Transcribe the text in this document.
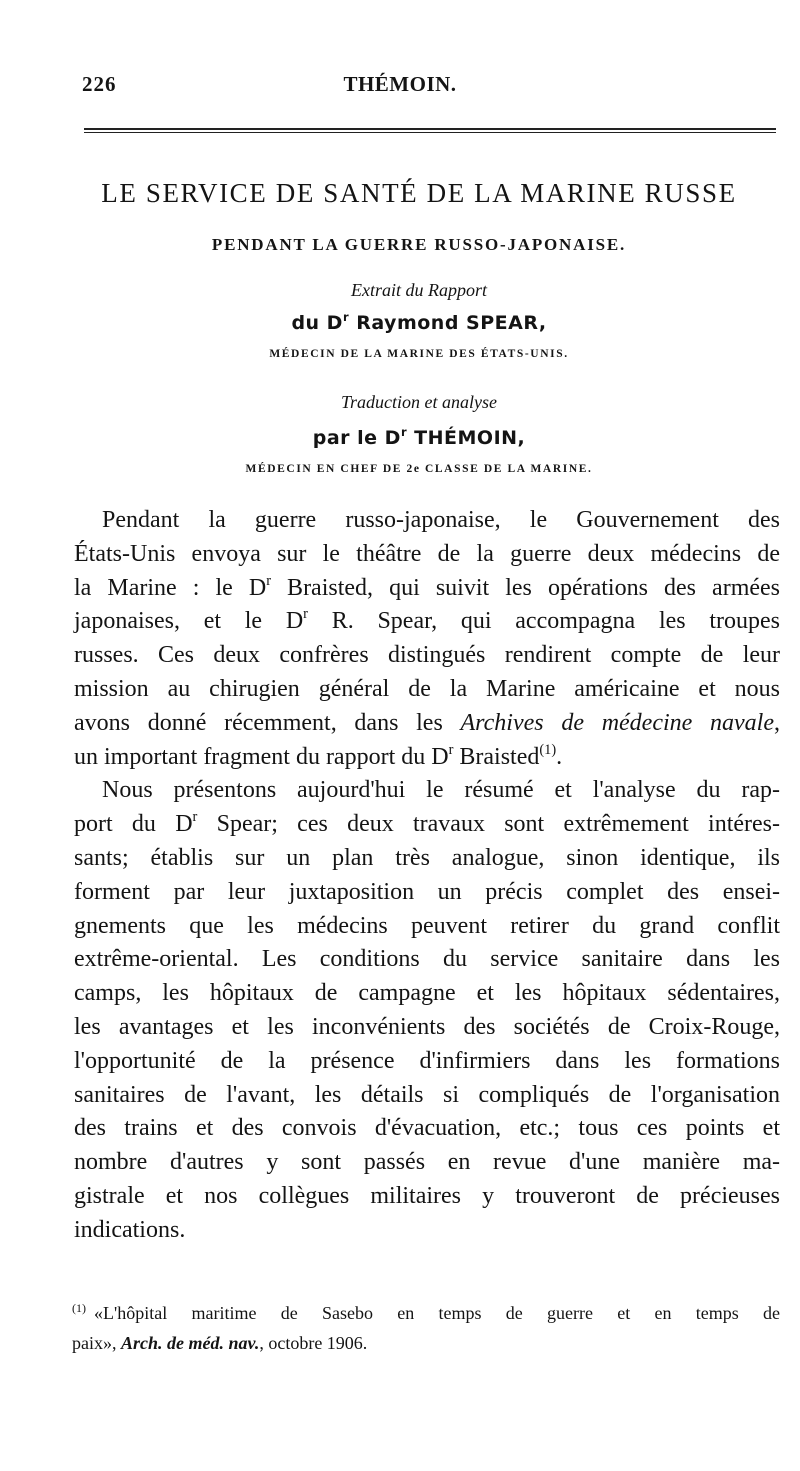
226	THÉMOIN.
LE SERVICE DE SANTÉ DE LA MARINE RUSSE
PENDANT LA GUERRE RUSSO-JAPONAISE.
Extrait du Rapport
du $D^r$ Raymond SPEAR,
MÉDECIN DE LA MARINE DES ÉTATS-UNIS.
Traduction et analyse
par le $D^r$ THÉMOIN,
MÉDECIN EN CHEF DE 2e CLASSE DE LA MARINE.
Pendant la guerre russo-japonaise, le Gouvernement des
États-Unis envoya sur le théâtre de la guerre deux médecins de
la Marine : le $D^r$ Braisted, qui suivit les opérations des armées
japonaises, et le $D^r$ R. Spear, qui accompagna les troupes
russes. Ces deux confrères distingués rendirent compte de leur
mission au chirugien général de la Marine américaine et nous
avons donné récemment, dans les Archives de médecine navale,
un important fragment du rapport du $D^r$ Braisted$^{(1)}$.
Nous présentons aujourd'hui le résumé et l'analyse du rap-
port du $D^r$ Spear; ces deux travaux sont extrêmement intéres-
sants; établis sur un plan très analogue, sinon identique, ils
forment par leur juxtaposition un précis complet des ensei-
gnements que les médecins peuvent retirer du grand conflit
extrême-oriental. Les conditions du service sanitaire dans les
camps, les hôpitaux de campagne et les hôpitaux sédentaires,
les avantages et les inconvénients des sociétés de Croix-Rouge,
l'opportunité de la présence d'infirmiers dans les formations
sanitaires de l'avant, les détails si compliqués de l'organisation
des trains et des convois d'évacuation, etc.; tous ces points et
nombre d'autres y sont passés en revue d'une manière ma-
gistrale et nos collègues militaires y trouveront de précieuses
indications.
$^{(1)}$ «L'hôpital maritime de Sasebo en temps de guerre et en temps de
paix», Arch. de méd. nav., octobre 1906.
